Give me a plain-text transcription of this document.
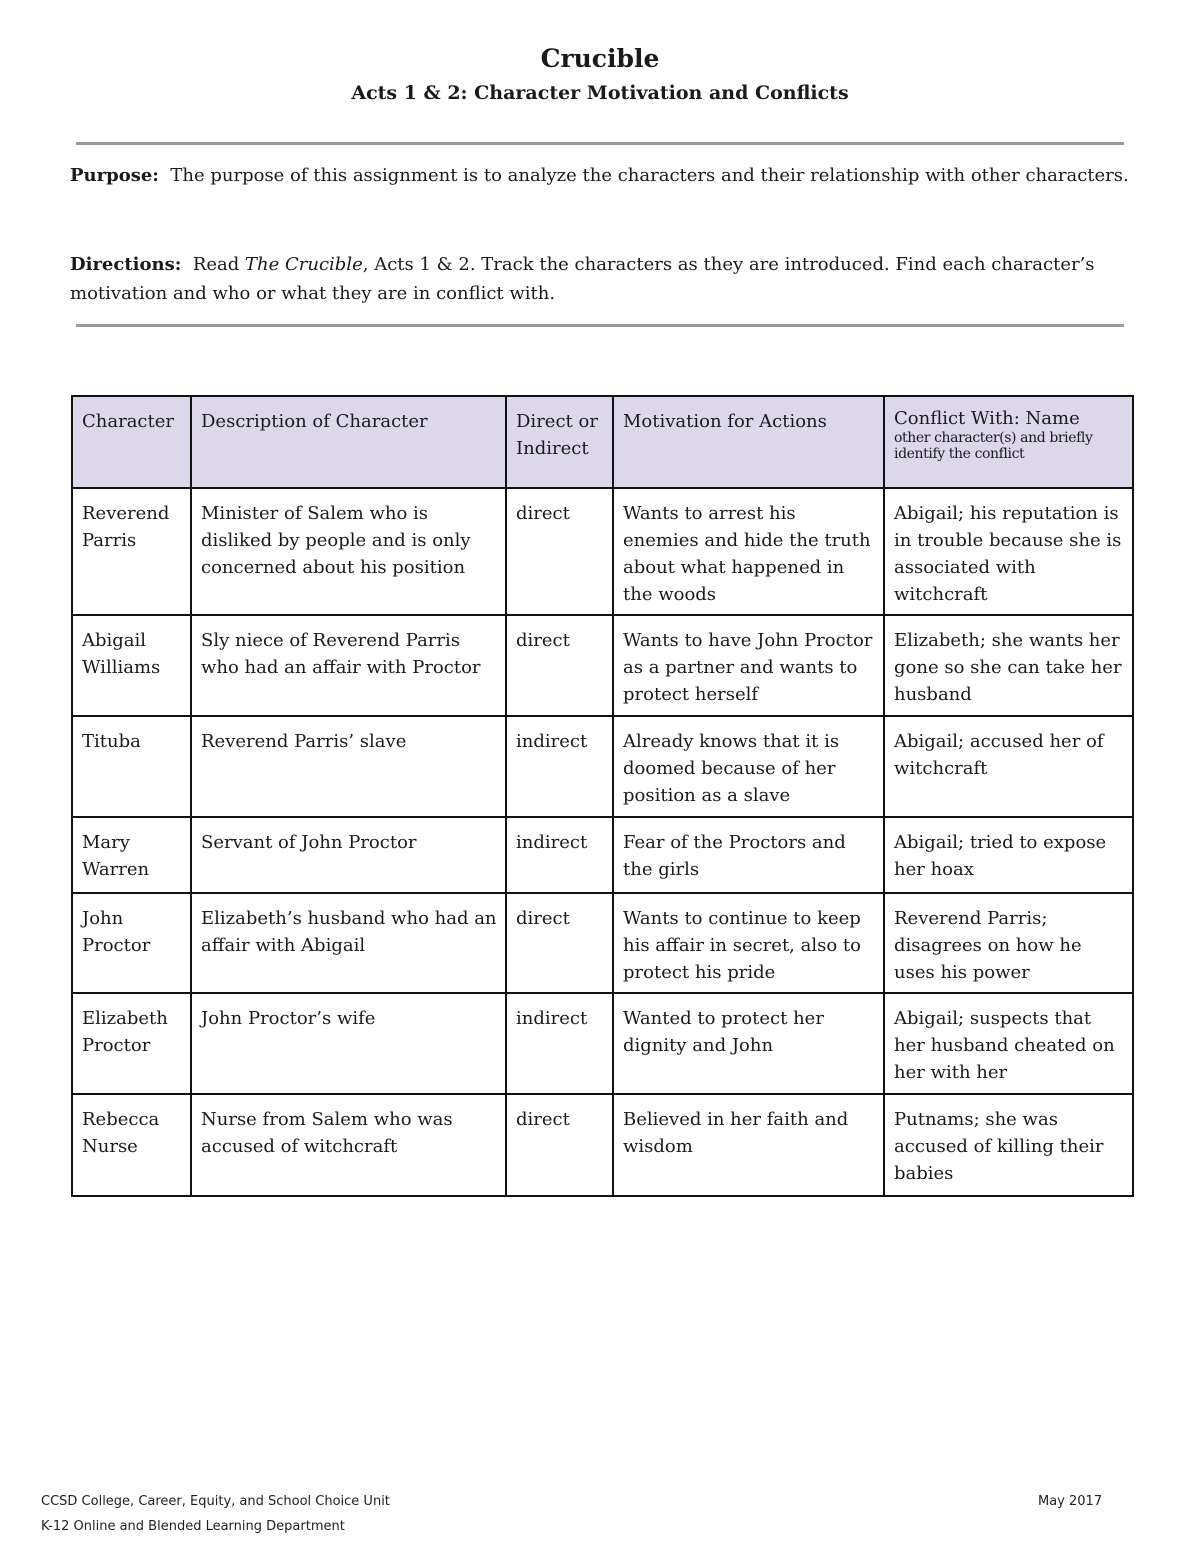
Crucible
Acts 1 & 2: Character Motivation and Conflicts
Purpose: The purpose of this assignment is to analyze the characters and their relationship with other characters.
Directions: Read The Crucible, Acts 1 & 2. Track the characters as they are introduced. Find each character’s motivation and who or what they are in conflict with.
Character	Description of Character	Direct or Indirect	Motivation for Actions	Conflict With: Name
other character(s) and briefly identify the conflict

Reverend Parris	Minister of Salem who is disliked by people and is only concerned about his position	direct	Wants to arrest his enemies and hide the truth about what happened in the woods	Abigail; his reputation is in trouble because she is associated with witchcraft
Abigail Williams	Sly niece of Reverend Parris who had an affair with Proctor	direct	Wants to have John Proctor as a partner and wants to protect herself	Elizabeth; she wants her gone so she can take her husband
Tituba	Reverend Parris’ slave	indirect	Already knows that it is doomed because of her position as a slave	Abigail; accused her of witchcraft
Mary Warren	Servant of John Proctor	indirect	Fear of the Proctors and the girls	Abigail; tried to expose her hoax
John Proctor	Elizabeth’s husband who had an affair with Abigail	direct	Wants to continue to keep his affair in secret, also to protect his pride	Reverend Parris; disagrees on how he uses his power
Elizabeth Proctor	John Proctor’s wife	indirect	Wanted to protect her dignity and John	Abigail; suspects that her husband cheated on her with her
Rebecca Nurse	Nurse from Salem who was accused of witchcraft	direct	Believed in her faith and wisdom	Putnams; she was accused of killing their babies
CCSD College, Career, Equity, and School Choice Unit
K-12 Online and Blended Learning Department
May 2017
